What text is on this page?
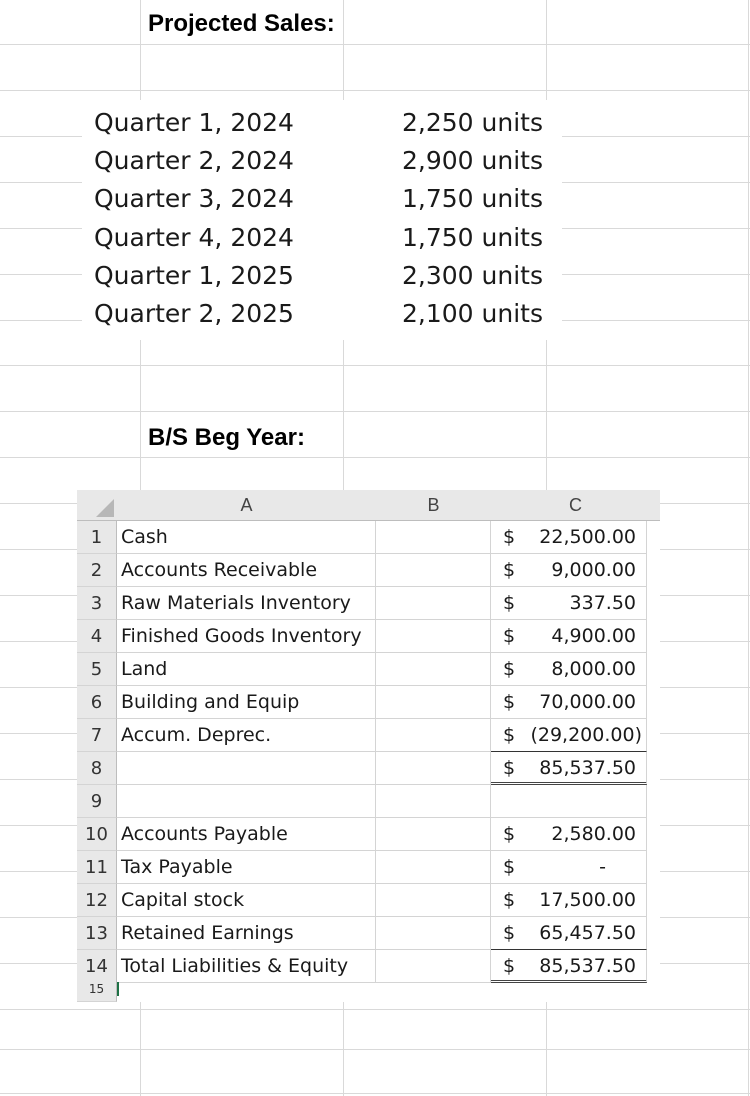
Projected Sales:
Quarter 1, 2024	2,250 units
Quarter 2, 2024	2,900 units
Quarter 3, 2024	1,750 units
Quarter 4, 2024	1,750 units
Quarter 1, 2025	2,300 units
Quarter 2, 2025	2,100 units
B/S Beg Year:
A	B	C
1 Cash	$ 22,500.00
2 Accounts Receivable	$ 9,000.00
3 Raw Materials Inventory	$	337.50
4 Finished Goods Inventory	$ 4,900.00
5 Land	$ 8,000.00
6 Building and Equip	$ 70,000.00
7 Accum. Deprec.	$ (29,200.00)
8	$ 85,537.50
9
10 Accounts Payable	$ 2,580.00
11 Tax Payable	$	-
12 Capital stock	$ 17,500.00
13 Retained Earnings	$ 65,457.50
14 Total Liabilities & Equity	$ 85,537.50
15
